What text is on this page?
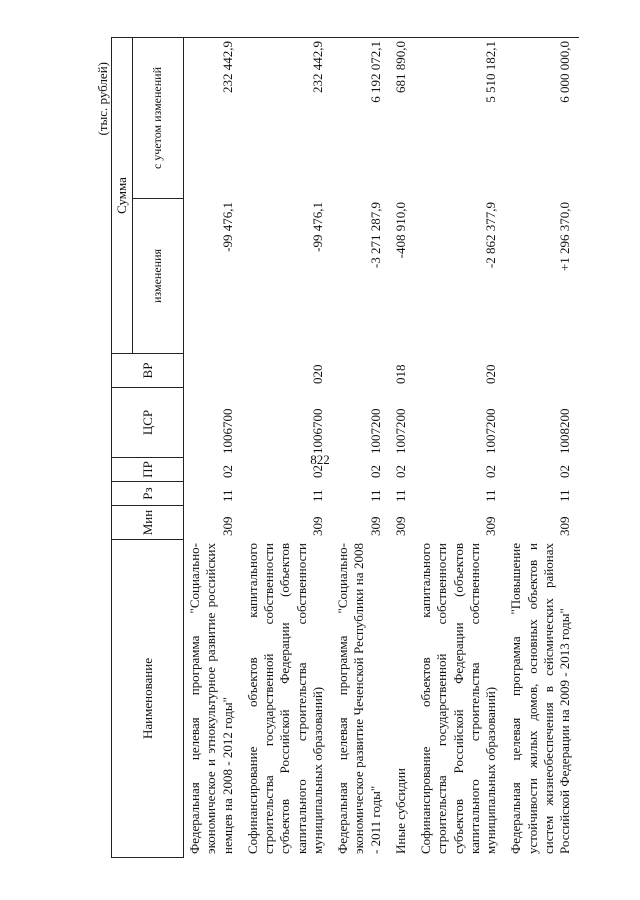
822
(тыс. рублей)
Наименование	Мин	Рз	ПР	ЦСР	ВР	Сумма	
						изменения	с учетом изменений
Федеральная целевая программа "Социально-экономическое и этнокультурное развитие российских немцев на 2008 - 2012 годы"	309	11	02	1006700		-99 476,1	232 442,9
Софинансирование объектов капитального строительства государственной собственности субъектов Российской Федерации (объектов капитального строительства собственности муниципальных образований)	309	11	02	1006700	020	-99 476,1	232 442,9
Федеральная целевая программа "Социально-экономическое развитие Чеченской Республики на 2008 - 2011 годы"	309	11	02	1007200		-3 271 287,9	6 192 072,1
Иные субсидии	309	11	02	1007200	018	-408 910,0	681 890,0
Софинансирование объектов капитального строительства государственной собственности субъектов Российской Федерации (объектов капитального строительства собственности муниципальных образований)	309	11	02	1007200	020	-2 862 377,9	5 510 182,1
Федеральная целевая программа "Повышение устойчивости жилых домов, основных объектов и систем жизнеобеспечения в сейсмических районах Российской Федерации на 2009 - 2013 годы"	309	11	02	1008200		+1 296 370,0	6 000 000,0
